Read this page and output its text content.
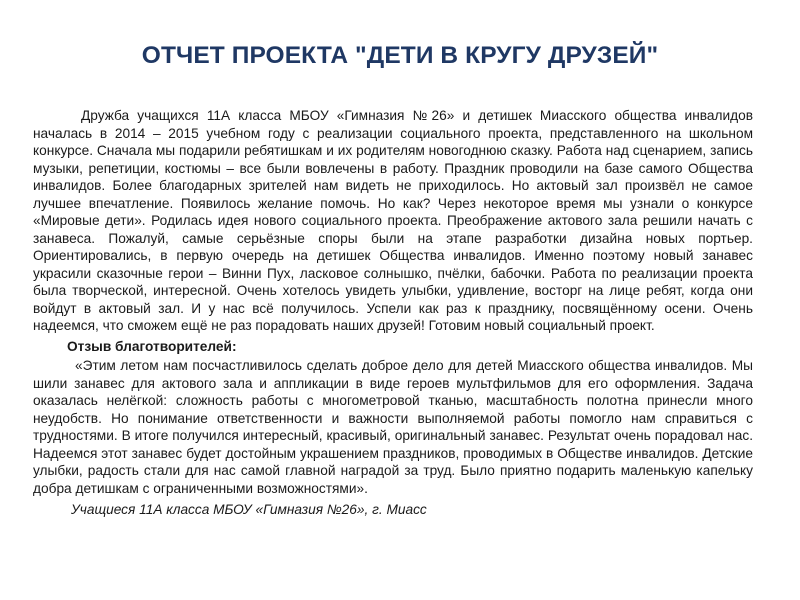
ОТЧЕТ ПРОЕКТА "ДЕТИ В КРУГУ ДРУЗЕЙ"

Дружба учащихся 11А класса МБОУ «Гимназия №26» и детишек Миасского общества инвалидов началась в 2014 – 2015 учебном году с реализации социального проекта, представленного на школьном конкурсе. Сначала мы подарили ребятишкам и их родителям новогоднюю сказку. Работа над сценарием, запись музыки, репетиции, костюмы – все были вовлечены в работу. Праздник проводили на базе самого Общества инвалидов. Более благодарных зрителей нам видеть не приходилось. Но актовый зал произвёл не самое лучшее впечатление. Появилось желание помочь. Но как? Через некоторое время мы узнали о конкурсе «Мировые дети». Родилась идея нового социального проекта. Преображение актового зала решили начать с занавеса. Пожалуй, самые серьёзные споры были на этапе разработки дизайна новых портьер. Ориентировались, в первую очередь на детишек Общества инвалидов. Именно поэтому новый занавес украсили сказочные герои – Винни Пух, ласковое солнышко, пчёлки, бабочки. Работа по реализации проекта была творческой, интересной. Очень хотелось увидеть улыбки, удивление, восторг на лице ребят, когда они войдут в актовый зал. И у нас всё получилось. Успели как раз к празднику, посвящённому осени. Очень надеемся, что сможем ещё не раз порадовать наших друзей! Готовим новый социальный проект.

Отзыв благотворителей:

«Этим летом нам посчастливилось сделать доброе дело для детей Миасского общества инвалидов. Мы шили занавес для актового зала и аппликации в виде героев мультфильмов для его оформления. Задача оказалась нелёгкой: сложность работы с многометровой тканью, масштабность полотна принесли много неудобств. Но понимание ответственности и важности выполняемой работы помогло нам справиться с трудностями. В итоге получился интересный, красивый, оригинальный занавес. Результат очень порадовал нас. Надеемся этот занавес будет достойным украшением праздников, проводимых в Обществе инвалидов. Детские улыбки, радость стали для нас самой главной наградой за труд. Было приятно подарить маленькую капельку добра детишкам с ограниченными возможностями».

Учащиеся 11А класса МБОУ «Гимназия №26», г. Миасс
